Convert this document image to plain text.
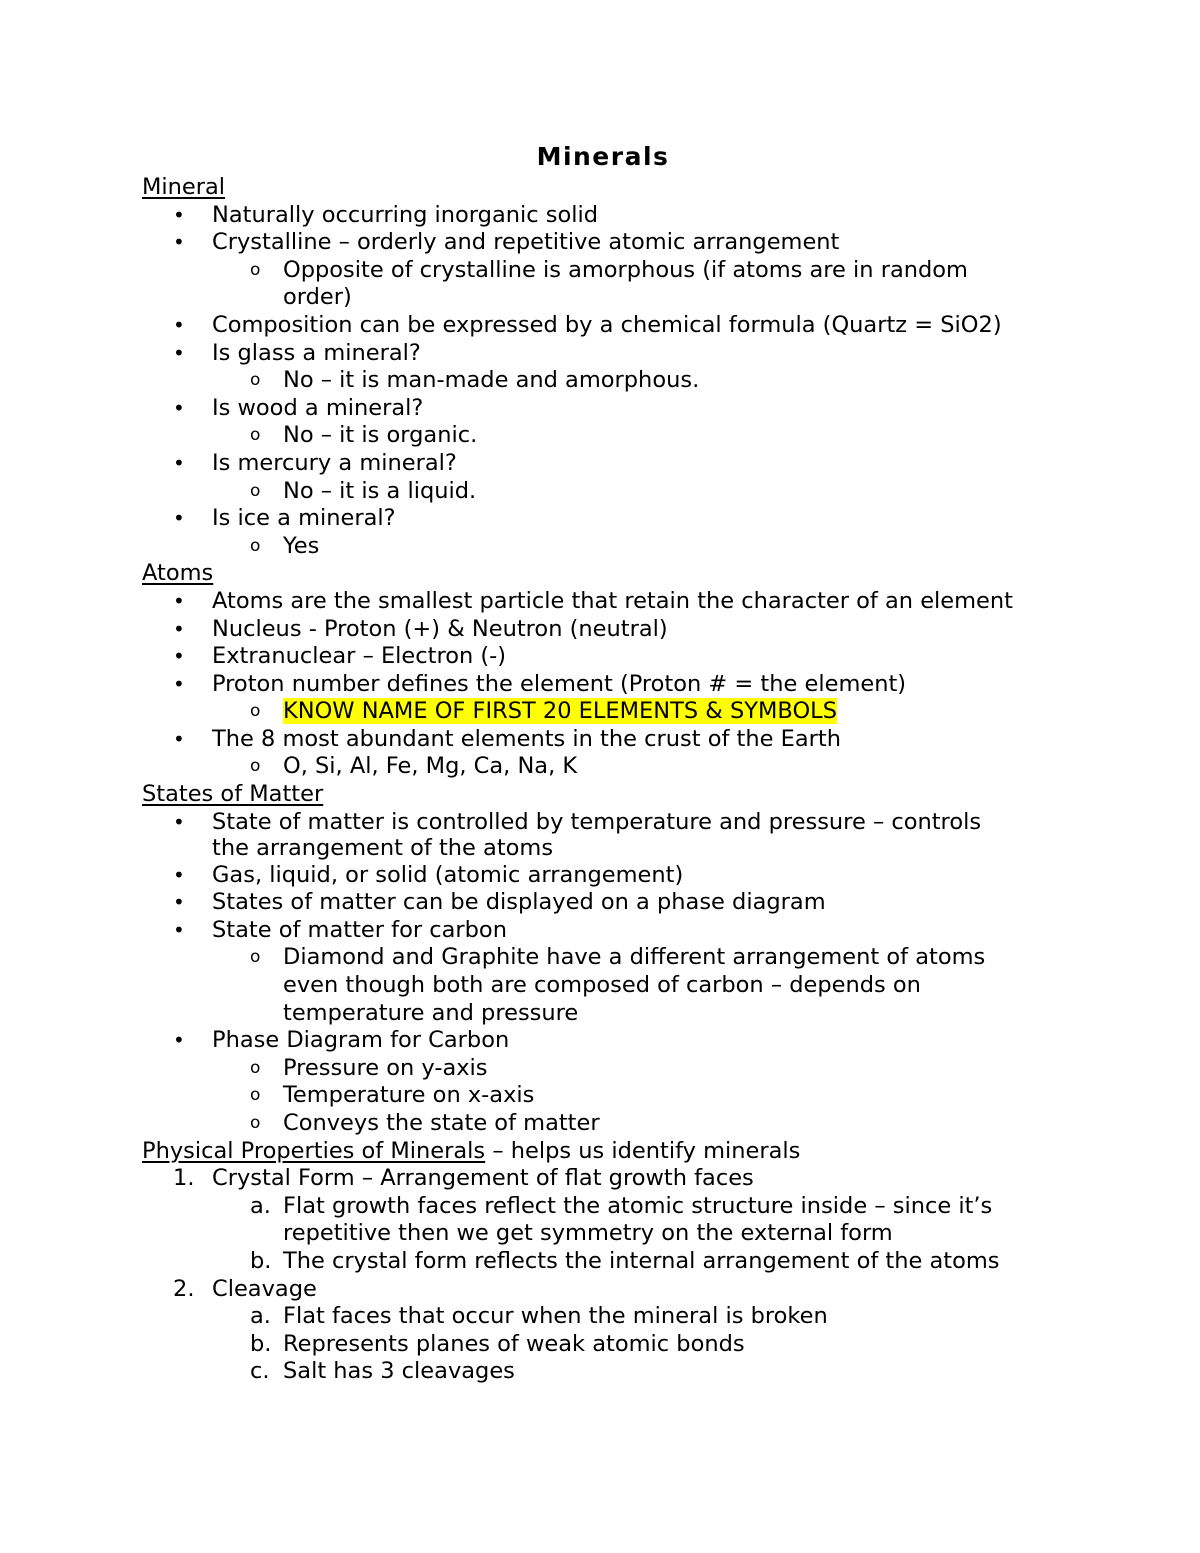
Minerals
Mineral
• Naturally occurring inorganic solid
• Crystalline – orderly and repetitive atomic arrangement
o Opposite of crystalline is amorphous (if atoms are in random
order)
• Composition can be expressed by a chemical formula (Quartz = SiO2)
• Is glass a mineral?
o No – it is man-made and amorphous.
• Is wood a mineral?
o No – it is organic.
• Is mercury a mineral?
o No – it is a liquid.
• Is ice a mineral?
o Yes
Atoms
• Atoms are the smallest particle that retain the character of an element
• Nucleus - Proton (+) & Neutron (neutral)
• Extranuclear – Electron (-)
• Proton number defines the element (Proton # = the element)
o KNOW NAME OF FIRST 20 ELEMENTS & SYMBOLS
• The 8 most abundant elements in the crust of the Earth
o O, Si, Al, Fe, Mg, Ca, Na, K
States of Matter
• State of matter is controlled by temperature and pressure – controls
the arrangement of the atoms
• Gas, liquid, or solid (atomic arrangement)
• States of matter can be displayed on a phase diagram
• State of matter for carbon
o Diamond and Graphite have a different arrangement of atoms
even though both are composed of carbon – depends on
temperature and pressure
• Phase Diagram for Carbon
o Pressure on y-axis
o Temperature on x-axis
o Conveys the state of matter
Physical Properties of Minerals – helps us identify minerals
1. Crystal Form – Arrangement of flat growth faces
a. Flat growth faces reflect the atomic structure inside – since it’s
repetitive then we get symmetry on the external form
b. The crystal form reflects the internal arrangement of the atoms
2. Cleavage
a. Flat faces that occur when the mineral is broken
b. Represents planes of weak atomic bonds
c. Salt has 3 cleavages
